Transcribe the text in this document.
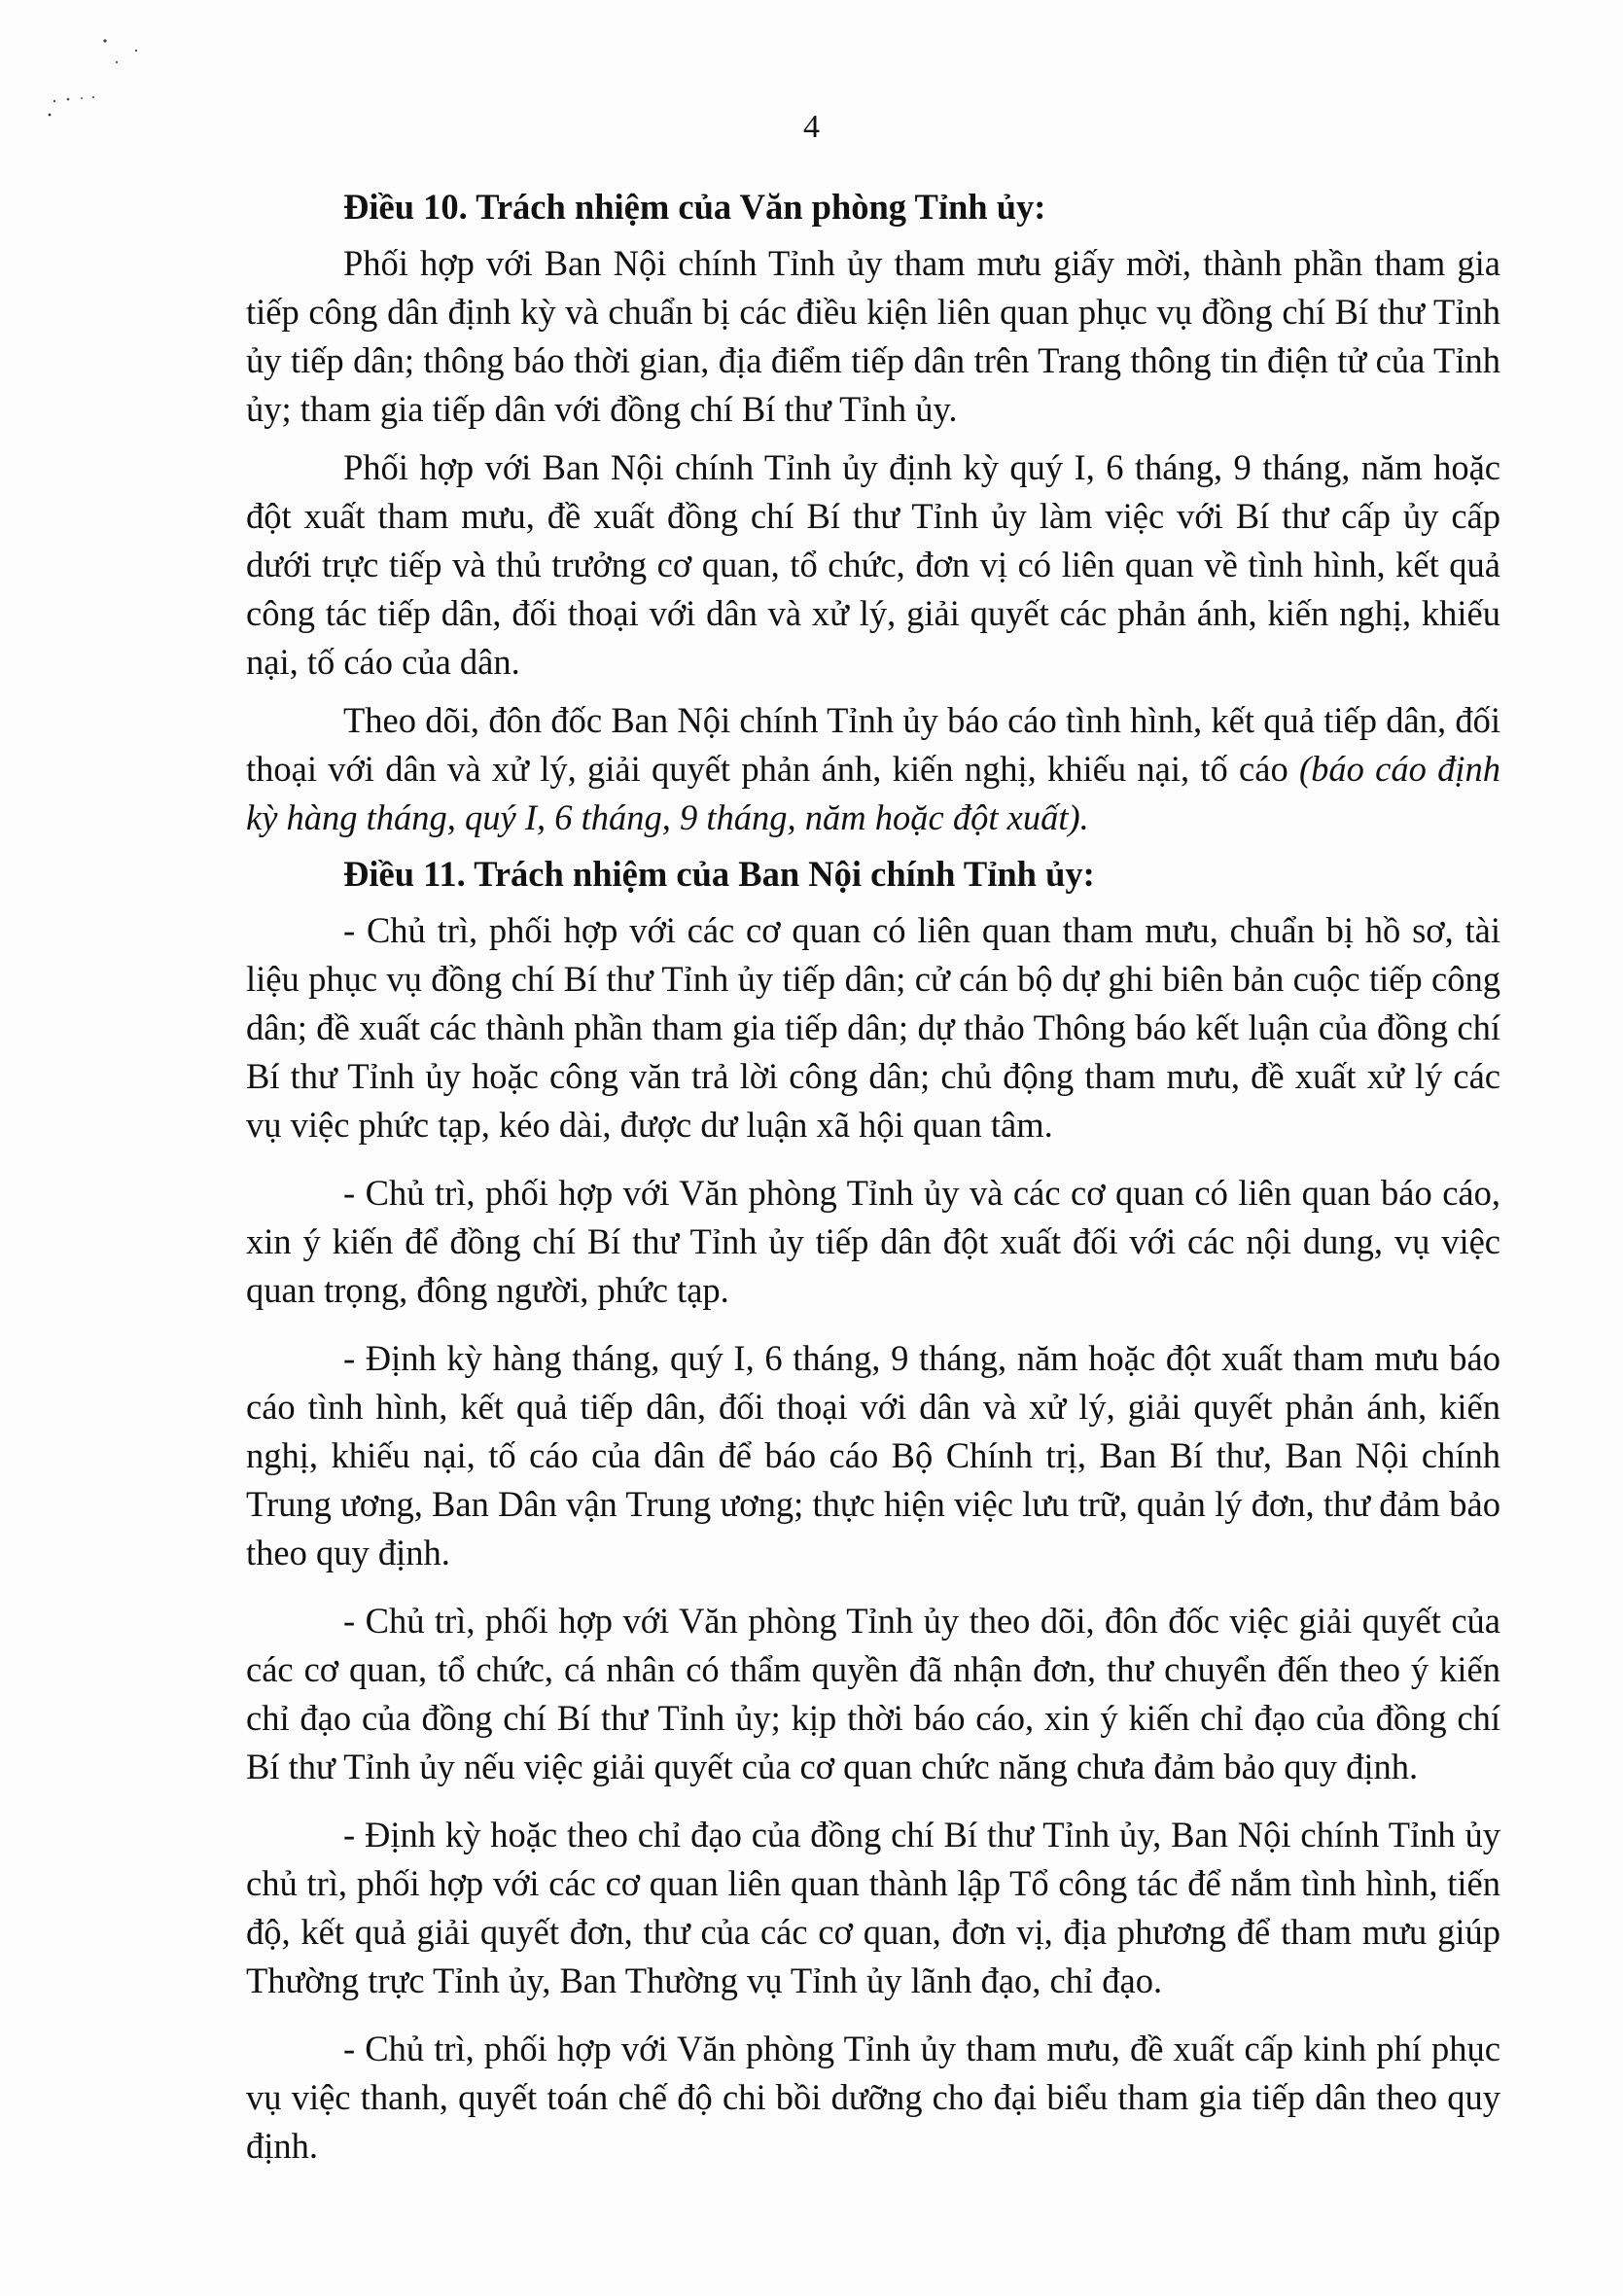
4
Điều 10. Trách nhiệm của Văn phòng Tỉnh ủy:

Phối hợp với Ban Nội chính Tỉnh ủy tham mưu giấy mời, thành phần tham gia tiếp công dân định kỳ và chuẩn bị các điều kiện liên quan phục vụ đồng chí Bí thư Tỉnh ủy tiếp dân; thông báo thời gian, địa điểm tiếp dân trên Trang thông tin điện tử của Tỉnh ủy; tham gia tiếp dân với đồng chí Bí thư Tỉnh ủy.

Phối hợp với Ban Nội chính Tỉnh ủy định kỳ quý I, 6 tháng, 9 tháng, năm hoặc đột xuất tham mưu, đề xuất đồng chí Bí thư Tỉnh ủy làm việc với Bí thư cấp ủy cấp dưới trực tiếp và thủ trưởng cơ quan, tổ chức, đơn vị có liên quan về tình hình, kết quả công tác tiếp dân, đối thoại với dân và xử lý, giải quyết các phản ánh, kiến nghị, khiếu nại, tố cáo của dân.

Theo dõi, đôn đốc Ban Nội chính Tỉnh ủy báo cáo tình hình, kết quả tiếp dân, đối thoại với dân và xử lý, giải quyết phản ánh, kiến nghị, khiếu nại, tố cáo (báo cáo định kỳ hàng tháng, quý I, 6 tháng, 9 tháng, năm hoặc đột xuất).

Điều 11. Trách nhiệm của Ban Nội chính Tỉnh ủy:

- Chủ trì, phối hợp với các cơ quan có liên quan tham mưu, chuẩn bị hồ sơ, tài liệu phục vụ đồng chí Bí thư Tỉnh ủy tiếp dân; cử cán bộ dự ghi biên bản cuộc tiếp công dân; đề xuất các thành phần tham gia tiếp dân; dự thảo Thông báo kết luận của đồng chí Bí thư Tỉnh ủy hoặc công văn trả lời công dân; chủ động tham mưu, đề xuất xử lý các vụ việc phức tạp, kéo dài, được dư luận xã hội quan tâm.

- Chủ trì, phối hợp với Văn phòng Tỉnh ủy và các cơ quan có liên quan báo cáo, xin ý kiến để đồng chí Bí thư Tỉnh ủy tiếp dân đột xuất đối với các nội dung, vụ việc quan trọng, đông người, phức tạp.

- Định kỳ hàng tháng, quý I, 6 tháng, 9 tháng, năm hoặc đột xuất tham mưu báo cáo tình hình, kết quả tiếp dân, đối thoại với dân và xử lý, giải quyết phản ánh, kiến nghị, khiếu nại, tố cáo của dân để báo cáo Bộ Chính trị, Ban Bí thư, Ban Nội chính Trung ương, Ban Dân vận Trung ương; thực hiện việc lưu trữ, quản lý đơn, thư đảm bảo theo quy định.

- Chủ trì, phối hợp với Văn phòng Tỉnh ủy theo dõi, đôn đốc việc giải quyết của các cơ quan, tổ chức, cá nhân có thẩm quyền đã nhận đơn, thư chuyển đến theo ý kiến chỉ đạo của đồng chí Bí thư Tỉnh ủy; kịp thời báo cáo, xin ý kiến chỉ đạo của đồng chí Bí thư Tỉnh ủy nếu việc giải quyết của cơ quan chức năng chưa đảm bảo quy định.

- Định kỳ hoặc theo chỉ đạo của đồng chí Bí thư Tỉnh ủy, Ban Nội chính Tỉnh ủy chủ trì, phối hợp với các cơ quan liên quan thành lập Tổ công tác để nắm tình hình, tiến độ, kết quả giải quyết đơn, thư của các cơ quan, đơn vị, địa phương để tham mưu giúp Thường trực Tỉnh ủy, Ban Thường vụ Tỉnh ủy lãnh đạo, chỉ đạo.

- Chủ trì, phối hợp với Văn phòng Tỉnh ủy tham mưu, đề xuất cấp kinh phí phục vụ việc thanh, quyết toán chế độ chi bồi dưỡng cho đại biểu tham gia tiếp dân theo quy định.
